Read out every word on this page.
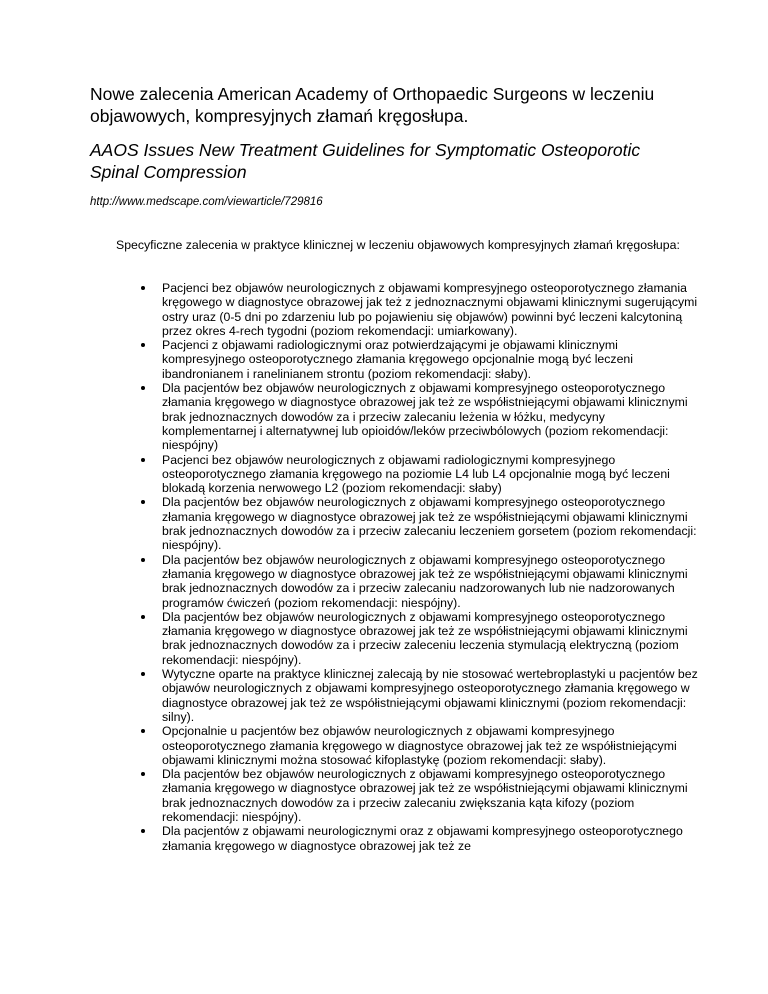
Nowe zalecenia American Academy of Orthopaedic Surgeons w leczeniu objawowych, kompresyjnych złamań kręgosłupa.
AAOS Issues New Treatment Guidelines for Symptomatic Osteoporotic Spinal Compression

http://www.medscape.com/viewarticle/729816

Specyficzne zalecenia w praktyce klinicznej w leczeniu objawowych kompresyjnych złamań kręgosłupa:

Pacjenci bez objawów neurologicznych z objawami kompresyjnego osteoporotycznego złamania kręgowego w diagnostyce obrazowej jak też z jednoznacznymi objawami klinicznymi sugerującymi ostry uraz (0-5 dni po zdarzeniu lub po pojawieniu się objawów) powinni być leczeni kalcytoniną przez okres 4-rech tygodni (poziom rekomendacji: umiarkowany).
Pacjenci z objawami radiologicznymi oraz potwierdzającymi je objawami klinicznymi kompresyjnego osteoporotycznego złamania kręgowego opcjonalnie mogą być leczeni ibandronianem i ranelinianem strontu (poziom rekomendacji: słaby).
Dla pacjentów bez objawów neurologicznych z objawami kompresyjnego osteoporotycznego złamania kręgowego w diagnostyce obrazowej jak też ze współistniejącymi objawami klinicznymi brak jednoznacznych dowodów za i przeciw zalecaniu leżenia w łóżku, medycyny komplementarnej i alternatywnej lub opioidów/leków przeciwbólowych (poziom rekomendacji: niespójny)
Pacjenci bez objawów neurologicznych z objawami radiologicznymi kompresyjnego osteoporotycznego złamania kręgowego na poziomie L4 lub L4 opcjonalnie mogą być leczeni blokadą korzenia nerwowego L2 (poziom rekomendacji: słaby)
Dla pacjentów bez objawów neurologicznych z objawami kompresyjnego osteoporotycznego złamania kręgowego w diagnostyce obrazowej jak też ze współistniejącymi objawami klinicznymi brak jednoznacznych dowodów za i przeciw zalecaniu leczeniem gorsetem (poziom rekomendacji: niespójny).
Dla pacjentów bez objawów neurologicznych z objawami kompresyjnego osteoporotycznego złamania kręgowego w diagnostyce obrazowej jak też ze współistniejącymi objawami klinicznymi brak jednoznacznych dowodów za i przeciw zalecaniu nadzorowanych lub nie nadzorowanych programów ćwiczeń (poziom rekomendacji: niespójny).
Dla pacjentów bez objawów neurologicznych z objawami kompresyjnego osteoporotycznego złamania kręgowego w diagnostyce obrazowej jak też ze współistniejącymi objawami klinicznymi brak jednoznacznych dowodów za i przeciw zaleceniu leczenia stymulacją elektryczną (poziom rekomendacji: niespójny).
Wytyczne oparte na praktyce klinicznej zalecają by nie stosować wertebroplastyki u pacjentów bez objawów neurologicznych z objawami kompresyjnego osteoporotycznego złamania kręgowego w diagnostyce obrazowej jak też ze współistniejącymi objawami klinicznymi (poziom rekomendacji: silny).
Opcjonalnie u pacjentów bez objawów neurologicznych z objawami kompresyjnego osteoporotycznego złamania kręgowego w diagnostyce obrazowej jak też ze współistniejącymi objawami klinicznymi można stosować kifoplastykę (poziom rekomendacji: słaby).
Dla pacjentów bez objawów neurologicznych z objawami kompresyjnego osteoporotycznego złamania kręgowego w diagnostyce obrazowej jak też ze współistniejącymi objawami klinicznymi brak jednoznacznych dowodów za i przeciw zalecaniu zwiększania kąta kifozy (poziom rekomendacji: niespójny).
Dla pacjentów z objawami neurologicznymi oraz z objawami kompresyjnego osteoporotycznego złamania kręgowego w diagnostyce obrazowej jak też ze
